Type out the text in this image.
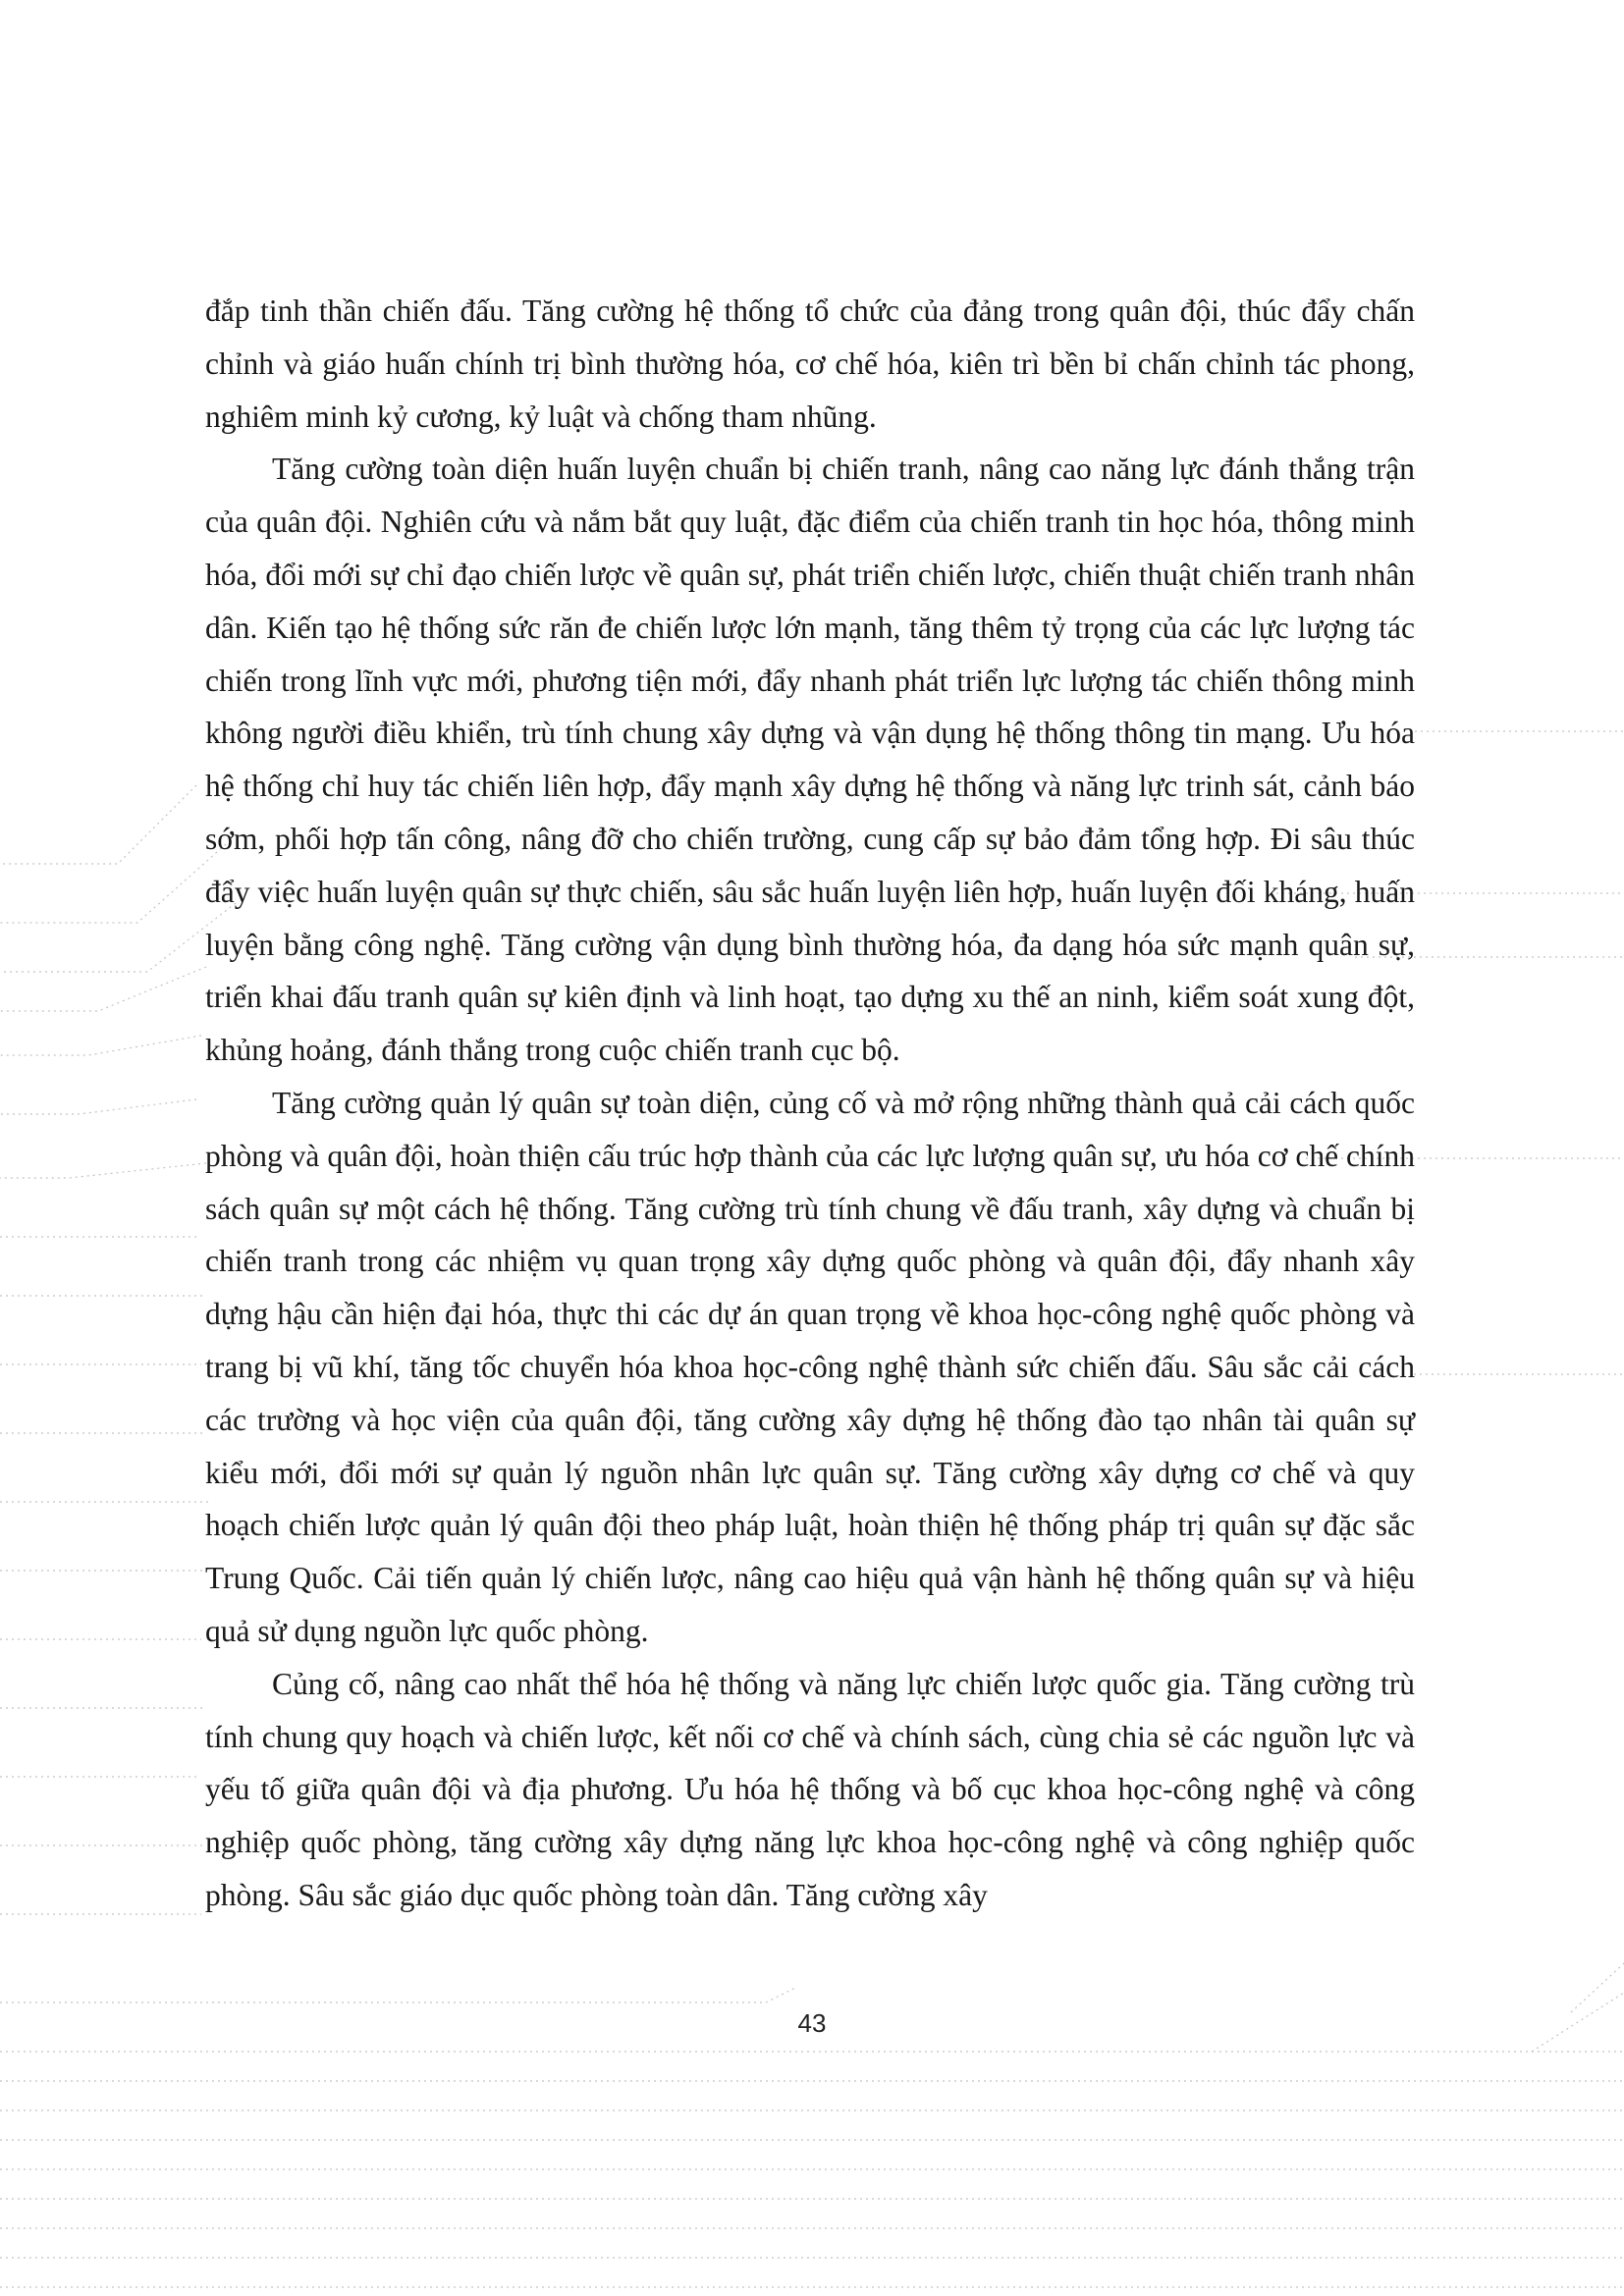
đắp tinh thần chiến đấu. Tăng cường hệ thống tổ chức của đảng trong quân đội, thúc đẩy chấn chỉnh và giáo huấn chính trị bình thường hóa, cơ chế hóa, kiên trì bền bỉ chấn chỉnh tác phong, nghiêm minh kỷ cương, kỷ luật và chống tham nhũng.

Tăng cường toàn diện huấn luyện chuẩn bị chiến tranh, nâng cao năng lực đánh thắng trận của quân đội. Nghiên cứu và nắm bắt quy luật, đặc điểm của chiến tranh tin học hóa, thông minh hóa, đổi mới sự chỉ đạo chiến lược về quân sự, phát triển chiến lược, chiến thuật chiến tranh nhân dân. Kiến tạo hệ thống sức răn đe chiến lược lớn mạnh, tăng thêm tỷ trọng của các lực lượng tác chiến trong lĩnh vực mới, phương tiện mới, đẩy nhanh phát triển lực lượng tác chiến thông minh không người điều khiển, trù tính chung xây dựng và vận dụng hệ thống thông tin mạng. Ưu hóa hệ thống chỉ huy tác chiến liên hợp, đẩy mạnh xây dựng hệ thống và năng lực trinh sát, cảnh báo sớm, phối hợp tấn công, nâng đỡ cho chiến trường, cung cấp sự bảo đảm tổng hợp. Đi sâu thúc đẩy việc huấn luyện quân sự thực chiến, sâu sắc huấn luyện liên hợp, huấn luyện đối kháng, huấn luyện bằng công nghệ. Tăng cường vận dụng bình thường hóa, đa dạng hóa sức mạnh quân sự, triển khai đấu tranh quân sự kiên định và linh hoạt, tạo dựng xu thế an ninh, kiểm soát xung đột, khủng hoảng, đánh thắng trong cuộc chiến tranh cục bộ.

Tăng cường quản lý quân sự toàn diện, củng cố và mở rộng những thành quả cải cách quốc phòng và quân đội, hoàn thiện cấu trúc hợp thành của các lực lượng quân sự, ưu hóa cơ chế chính sách quân sự một cách hệ thống. Tăng cường trù tính chung về đấu tranh, xây dựng và chuẩn bị chiến tranh trong các nhiệm vụ quan trọng xây dựng quốc phòng và quân đội, đẩy nhanh xây dựng hậu cần hiện đại hóa, thực thi các dự án quan trọng về khoa học-công nghệ quốc phòng và trang bị vũ khí, tăng tốc chuyển hóa khoa học-công nghệ thành sức chiến đấu. Sâu sắc cải cách các trường và học viện của quân đội, tăng cường xây dựng hệ thống đào tạo nhân tài quân sự kiểu mới, đổi mới sự quản lý nguồn nhân lực quân sự. Tăng cường xây dựng cơ chế và quy hoạch chiến lược quản lý quân đội theo pháp luật, hoàn thiện hệ thống pháp trị quân sự đặc sắc Trung Quốc. Cải tiến quản lý chiến lược, nâng cao hiệu quả vận hành hệ thống quân sự và hiệu quả sử dụng nguồn lực quốc phòng.

Củng cố, nâng cao nhất thể hóa hệ thống và năng lực chiến lược quốc gia. Tăng cường trù tính chung quy hoạch và chiến lược, kết nối cơ chế và chính sách, cùng chia sẻ các nguồn lực và yếu tố giữa quân đội và địa phương. Ưu hóa hệ thống và bố cục khoa học-công nghệ và công nghiệp quốc phòng, tăng cường xây dựng năng lực khoa học-công nghệ và công nghiệp quốc phòng. Sâu sắc giáo dục quốc phòng toàn dân. Tăng cường xây

43
